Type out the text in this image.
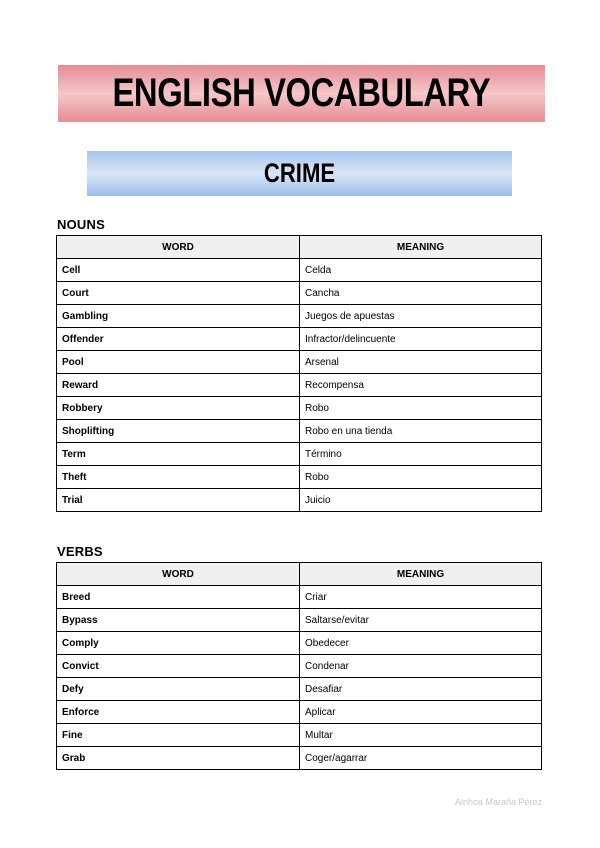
ENGLISH VOCABULARY
CRIME
NOUNS
WORD	MEANING
Cell	Celda
Court	Cancha
Gambling	Juegos de apuestas
Offender	Infractor/delincuente
Pool	Arsenal
Reward	Recompensa
Robbery	Robo
Shoplifting	Robo en una tienda
Term	Término
Theft	Robo
Trial	Juicio
VERBS
WORD	MEANING
Breed	Criar
Bypass	Saltarse/evitar
Comply	Obedecer
Convict	Condenar
Defy	Desafiar
Enforce	Aplicar
Fine	Multar
Grab	Coger/agarrar
Ainhoa Maraña Pérez
